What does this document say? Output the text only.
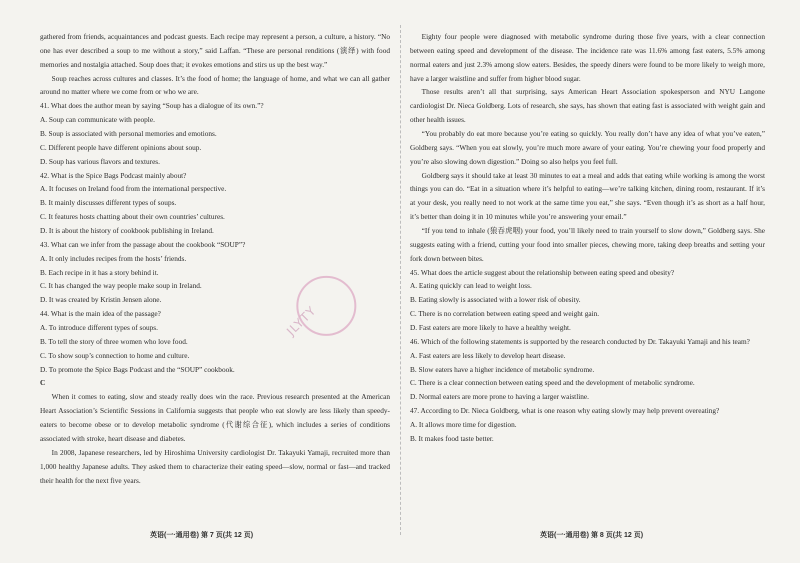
gathered from friends, acquaintances and podcast guests. Each recipe may represent a person, a culture, a history. “No one has ever described a soup to me without a story,” said Laffan. “These are personal renditions (演绎) with food memories and nostalgia attached. Soup does that; it evokes emotions and stirs us up the best way.”

Soup reaches across cultures and classes. It’s the food of home; the language of home, and what we can all gather around no matter where we come from or who we are.

41. What does the author mean by saying “Soup has a dialogue of its own.”?

A. Soup can communicate with people.

B. Soup is associated with personal memories and emotions.

C. Different people have different opinions about soup.

D. Soup has various flavors and textures.

42. What is the Spice Bags Podcast mainly about?

A. It focuses on Ireland food from the international perspective.

B. It mainly discusses different types of soups.

C. It features hosts chatting about their own countries’ cultures.

D. It is about the history of cookbook publishing in Ireland.

43. What can we infer from the passage about the cookbook “SOUP”?

A. It only includes recipes from the hosts’ friends.

B. Each recipe in it has a story behind it.

C. It has changed the way people make soup in Ireland.

D. It was created by Kristin Jensen alone.

44. What is the main idea of the passage?

A. To introduce different types of soups.

B. To tell the story of three women who love food.

C. To show soup’s connection to home and culture.

D. To promote the Spice Bags Podcast and the “SOUP” cookbook.

C

When it comes to eating, slow and steady really does win the race. Previous research presented at the American Heart Association’s Scientific Sessions in California suggests that people who eat slowly are less likely than speedy-eaters to become obese or to develop metabolic syndrome (代谢综合征), which includes a series of conditions associated with stroke, heart disease and diabetes.

In 2008, Japanese researchers, led by Hiroshima University cardiologist Dr. Takayuki Yamaji, recruited more than 1,000 healthy Japanese adults. They asked them to characterize their eating speed—slow, normal or fast—and tracked their health for the next five years.

Eighty four people were diagnosed with metabolic syndrome during those five years, with a clear connection between eating speed and development of the disease. The incidence rate was 11.6% among fast eaters, 5.5% among normal eaters and just 2.3% among slow eaters. Besides, the speedy diners were found to be more likely to weigh more, have a larger waistline and suffer from higher blood sugar.

Those results aren’t all that surprising, says American Heart Association spokesperson and NYU Langone cardiologist Dr. Nieca Goldberg. Lots of research, she says, has shown that eating fast is associated with weight gain and other health issues.

“You probably do eat more because you’re eating so quickly. You really don’t have any idea of what you’ve eaten,” Goldberg says. “When you eat slowly, you’re much more aware of your eating. You’re chewing your food properly and you’re also slowing down digestion.” Doing so also helps you feel full.

Goldberg says it should take at least 30 minutes to eat a meal and adds that eating while working is among the worst things you can do. “Eat in a situation where it’s helpful to eating—we’re talking kitchen, dining room, restaurant. If it’s at your desk, you really need to not work at the same time you eat,” she says. “Even though it’s as short as a half hour, it’s better than doing it in 10 minutes while you’re answering your email.”

“If you tend to inhale (狼吞虎咽) your food, you’ll likely need to train yourself to slow down,” Goldberg says. She suggests eating with a friend, cutting your food into smaller pieces, chewing more, taking deep breaths and setting your fork down between bites.

45. What does the article suggest about the relationship between eating speed and obesity?

A. Eating quickly can lead to weight loss.

B. Eating slowly is associated with a lower risk of obesity.

C. There is no correlation between eating speed and weight gain.

D. Fast eaters are more likely to have a healthy weight.

46. Which of the following statements is supported by the research conducted by Dr. Takayuki Yamaji and his team?

A. Fast eaters are less likely to develop heart disease.

B. Slow eaters have a higher incidence of metabolic syndrome.

C. There is a clear connection between eating speed and the development of metabolic syndrome.

D. Normal eaters are more prone to having a larger waistline.

47. According to Dr. Nieca Goldberg, what is one reason why eating slowly may help prevent overeating?

A. It allows more time for digestion.

B. It makes food taste better.

JLYTY
英语(一·通用卷) 第 7 页(共 12 页)	英语(一·通用卷) 第 8 页(共 12 页)
